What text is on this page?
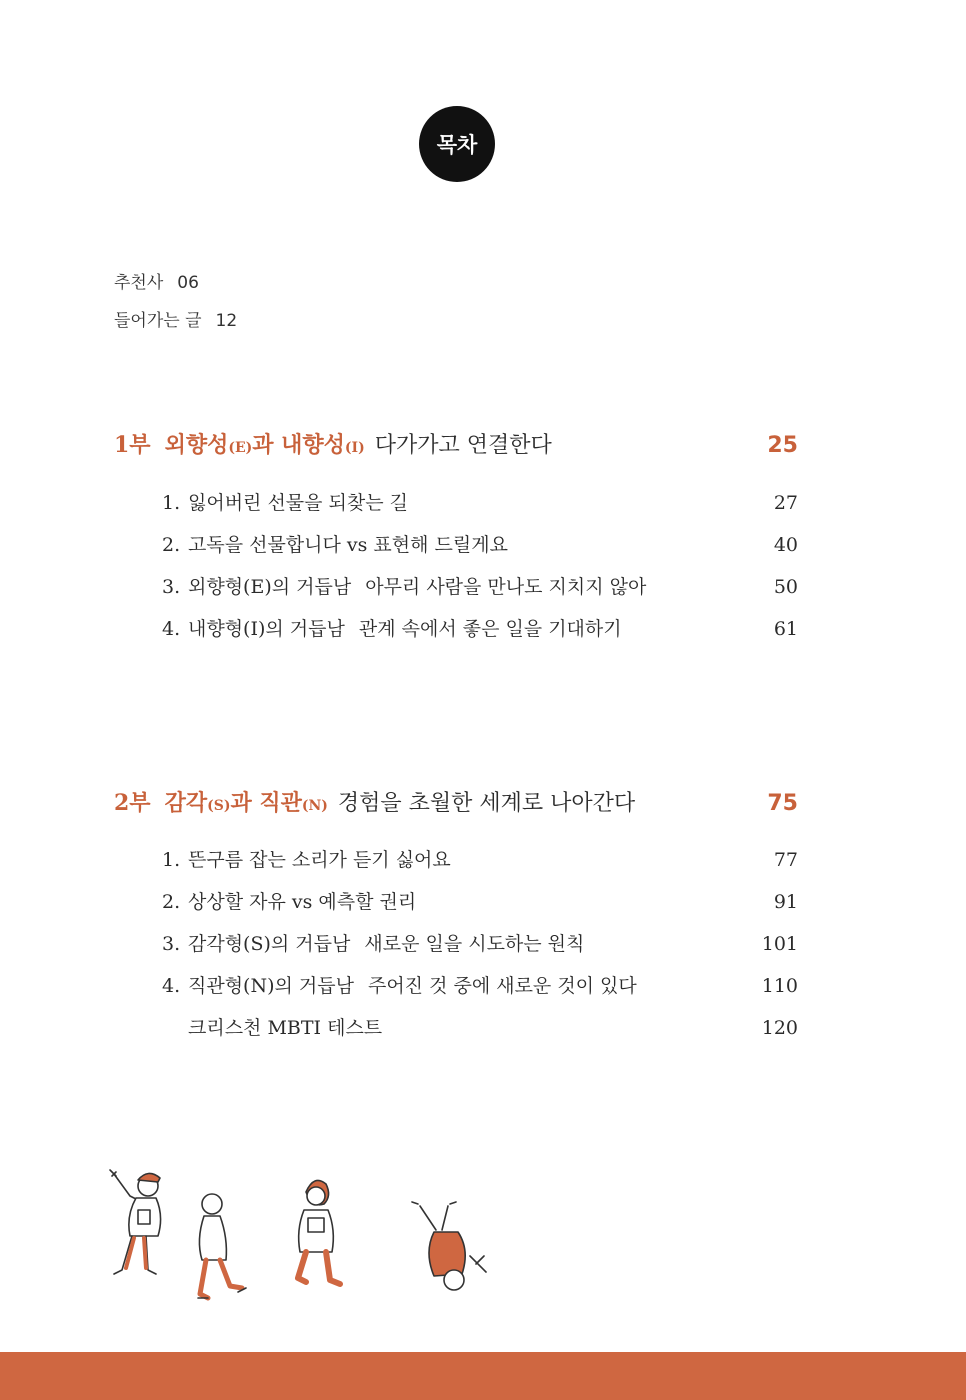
목차
추천사 06
들어가는 글 12
1부 외향성(E)과 내향성(I) 다가가고 연결한다	25
1. 잃어버린 선물을 되찾는 길	27
2. 고독을 선물합니다 vs 표현해 드릴게요	40
3. 외향형(E)의 거듭남 아무리 사람을 만나도 지치지 않아	50
4. 내향형(I)의 거듭남 관계 속에서 좋은 일을 기대하기	61
2부 감각(S)과 직관(N) 경험을 초월한 세계로 나아간다	75
1. 뜬구름 잡는 소리가 듣기 싫어요	77
2. 상상할 자유 vs 예측할 권리	91
3. 감각형(S)의 거듭남 새로운 일을 시도하는 원칙	101
4. 직관형(N)의 거듭남 주어진 것 중에 새로운 것이 있다	110
크리스천 MBTI 테스트	120
